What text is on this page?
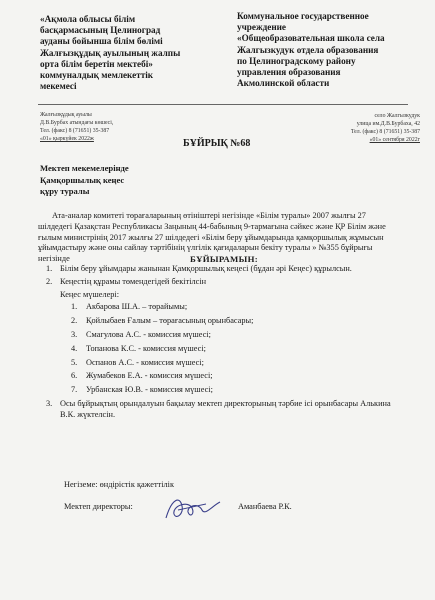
«Ақмола облысы білім
басқармасының Целиноград
ауданы бойынша білім бөлімі
Жалғызқұдық ауылының жалпы
орта білім беретін мектебі»
коммуналдық мемлекеттік
мекемесі
Коммунальное государственное
учреждение
«Общеобразовательная школа села
Жалгызкудук отдела образования
по Целиноградскому району
управления образования
Акмолинской области
Жалғызқұдық ауылы
Д.В.Бурбах атындағы көшесі,
Тел. (факс) 8 (71651) 35-387
«01» қыркүйек 2022ж
село Жалгызкудук
улица им.Д.В.Бурбаха, 42
Тел. (факс) 8 (71651) 35-387
«01» сентября 2022г
БҰЙРЫҚ №68
Мектеп мекемелерінде
Қамқоршылық кеңес
құру туралы
Ата-аналар комитеті төрағаларының өтініштері негізінде «Білім туралы» 2007 жылғы 27 шілдедегі Қазақстан Республикасы Заңының 44-бабының 9-тармағына сәйкес және ҚР Білім және ғылым министрінің 2017 жылғы 27 шілдедегі «Білім беру ұйымдарында қамқоршылық жұмысын ұйымдастыру және оны сайлау тәртібінің үлгілік қағидаларын бекіту туралы » №355 бұйрығы негізінде	БҰЙЫРАМЫН:
1. Білім беру ұйымдары жанынан Қамқоршылық кеңесі (бұдан әрі Кеңес) құрылсын.
2. Кеңестің құрамы төмендегідей бекітілсін
Кеңес мүшелері:
1. Акбарова Ш.А. – төрайымы;
2. Қойлыбаев Ғалым – төрағасының орынбасары;
3. Смагулова А.С. - комиссия мүшесі;
4. Топанова К.С. - комиссия мүшесі;
5. Оспанов А.С. - комиссия мүшесі;
6. Жумабеков Е.А. - комиссия мүшесі;
7. Урбанская Ю.В. - комиссия мүшесі;
3. Осы бұйрықтың орындалуын бақылау мектеп директорының тәрбие ісі орынбасары Алькина В.К. жүктелсін.
Негіземе: өндірістік қажеттілік
Мектеп директоры:	Аманбаева Р.К.
